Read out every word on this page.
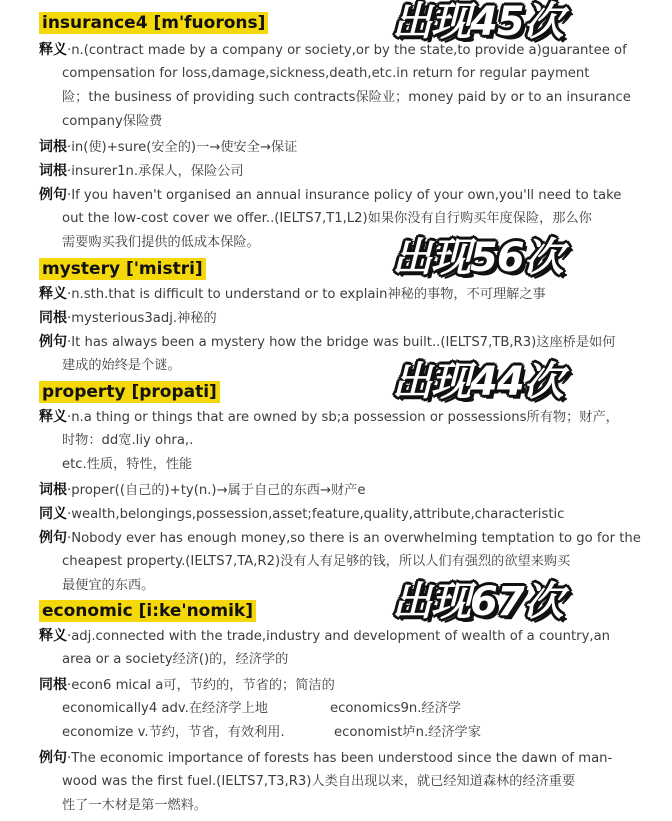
insurance4 [m'fuorons]	出现45次
释义·n.(contract made by a company or society,or by the state,to provide a)guarantee of
compensation for loss,damage,sickness,death,etc.in return for regular payment
险；the business of providing such contracts保险业；money paid by or to an insurance
company保险费
词根·in(使)+sure(安全的)一→使安全→保证
词根·insurer1n.承保人，保险公司
例句·If you haven't organised an annual insurance policy of your own,you'll need to take
out the low-cost cover we offer..(IELTS7,T1,L2)如果你没有自行购买年度保险，那么你
需要购买我们提供的低成本保险。
mystery ['mistri]	出现56次
释义·n.sth.that is difficult to understand or to explain神秘的事物，不可理解之事
同根·mysterious3adj.神秘的
例句·It has always been a mystery how the bridge was built..(IELTS7,TB,R3)这座桥是如何
建成的始终是个谜。
property [propati]	出现44次
释义·n.a thing or things that are owned by sb;a possession or possessions所有物；财产，
时物：dd宽.liy ohra,.
etc.性质，特性，性能
词根·proper((自己的)+ty(n.)→属于自己的东西→财产e
同义·wealth,belongings,possession,asset;feature,quality,attribute,characteristic
例句·Nobody ever has enough money,so there is an overwhelming temptation to go for the
cheapest property.(IELTS7,TA,R2)没有人有足够的钱，所以人们有强烈的欲望来购买
最便宜的东西。
economic [i:ke'nomik]	出现67次
释义·adj.connected with the trade,industry and development of wealth of a country,an
area or a society经济()的，经济学的
同根·econ6 mical a可，节约的，节省的；简洁的
economically4 adv.在经济学上地	economics9n.经济学
economize v.节约，节省，有效利用.	economist垆n.经济学家
例句·The economic importance of forests has been understood since the dawn of man-
wood was the first fuel.(IELTS7,T3,R3)人类自出现以来，就已经知道森林的经济重要
性了一木材是第一燃料。
